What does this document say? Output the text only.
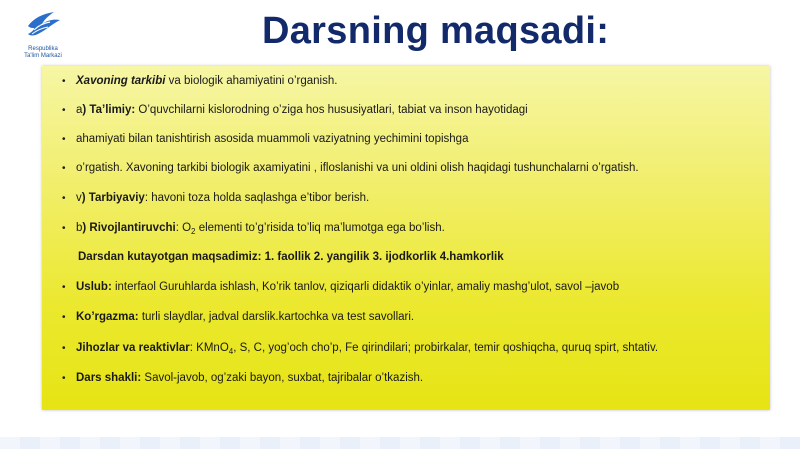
Respublika
Ta'lim Markazi
Darsning maqsadi:
• Xavoning tarkibi va biologik ahamiyatini o’rganish.
• a) Ta’limiy: O’quvchilarni kislorodning o’ziga hos hususiyatlari, tabiat va inson hayotidagi
• ahamiyati bilan tanishtirish asosida muammoli vaziyatning yechimini topishga
• o’rgatish. Xavoning tarkibi biologik axamiyatini , ifloslanishi va uni oldini olish haqidagi tushunchalarni o’rgatish.
• v) Tarbiyaviy: havoni toza holda saqlashga e’tibor berish.
• b) Rivojlantiruvchi: $O_2$ elementi to’g’risida to’liq ma’lumotga ega bo’lish.
Darsdan kutayotgan maqsadimiz: 1. faollik 2. yangilik 3. ijodkorlik 4.hamkorlik
• Uslub: interfaol Guruhlarda ishlash, Ko’rik tanlov, qiziqarli didaktik o’yinlar, amaliy mashg’ulot, savol –javob
• Ko’rgazma: turli slaydlar, jadval darslik.kartochka va test savollari.
• Jihozlar va reaktivlar: KMnO$_4$, S, C, yog’och cho’p, Fe qirindilari; probirkalar, temir qoshiqcha, quruq spirt, shtativ.
• Dars shakli: Savol-javob, og’zaki bayon, suxbat, tajribalar o’tkazish.
